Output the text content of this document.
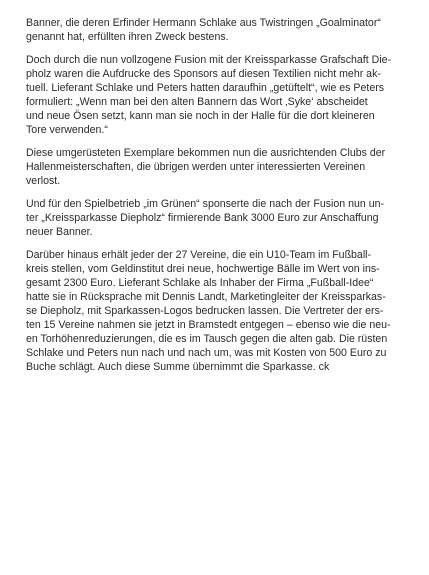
Banner, die deren Erfinder Hermann Schlake aus Twistringen „Goalminator“
genannt hat, erfüllten ihren Zweck bestens.

Doch durch die nun vollzogene Fusion mit der Kreissparkasse Grafschaft Die-
pholz waren die Aufdrucke des Sponsors auf diesen Textilien nicht mehr ak-
tuell. Lieferant Schlake und Peters hatten daraufhin „getüftelt“, wie es Peters
formuliert: „Wenn man bei den alten Bannern das Wort ‚Syke‘ abscheidet
und neue Ösen setzt, kann man sie noch in der Halle für die dort kleineren
Tore verwenden.“

Diese umgerüsteten Exemplare bekommen nun die ausrichtenden Clubs der
Hallenmeisterschaften, die übrigen werden unter interessierten Vereinen
verlost.

Und für den Spielbetrieb „im Grünen“ sponserte die nach der Fusion nun un-
ter „Kreissparkasse Diepholz“ firmierende Bank 3000 Euro zur Anschaffung
neuer Banner.

Darüber hinaus erhält jeder der 27 Vereine, die ein U10-Team im Fußball-
kreis stellen, vom Geldinstitut drei neue, hochwertige Bälle im Wert von ins-
gesamt 2300 Euro. Lieferant Schlake als Inhaber der Firma „Fußball-Idee“
hatte sie in Rücksprache mit Dennis Landt, Marketingleiter der Kreissparkas-
se Diepholz, mit Sparkassen-Logos bedrucken lassen. Die Vertreter der ers-
ten 15 Vereine nahmen sie jetzt in Bramstedt entgegen – ebenso wie die neu-
en Torhöhenreduzierungen, die es im Tausch gegen die alten gab. Die rüsten
Schlake und Peters nun nach und nach um, was mit Kosten von 500 Euro zu
Buche schlägt. Auch diese Summe übernimmt die Sparkasse. ck
